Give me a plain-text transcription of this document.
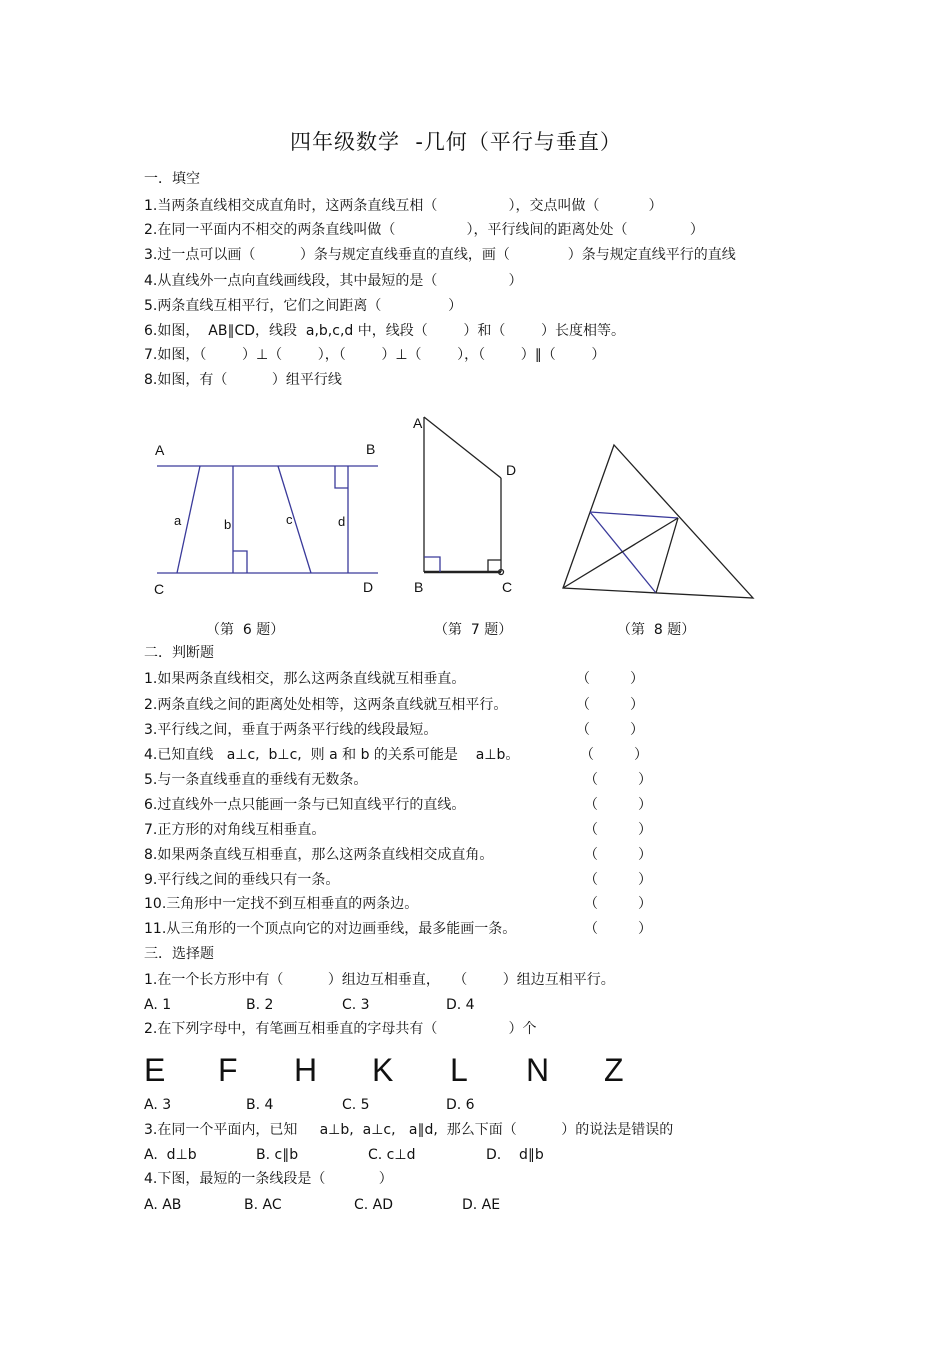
四年级数学  -几何（平行与垂直）
一．填空
1.当两条直线相交成直角时，这两条直线互相（                ），交点叫做（           ）
2.在同一平面内不相交的两条直线叫做（                ），平行线间的距离处处（              ）
3.过一点可以画（          ）条与规定直线垂直的直线，画（             ）条与规定直线平行的直线
4.从直线外一点向直线画线段，其中最短的是（                ）
5.两条直线互相平行，它们之间距离（               ）
6.如图，  AB∥CD，线段  a,b,c,d 中，线段（        ）和（        ）长度相等。
7.如图，（        ）⊥（        ），（        ）⊥（        ），（        ）∥（        ）
8.如图，有（          ）组平行线
A	B
C	D
a	b	c	d
A
B	C
D
（第  6 题）	（第  7 题）	（第  8 题）
二．判断题
1.如果两条直线相交，那么这两条直线就互相垂直。	（         ）
2.两条直线之间的距离处处相等，这两条直线就互相平行。	（         ）
3.平行线之间，垂直于两条平行线的线段最短。	（         ）
4.已知直线   a⊥c,  b⊥c,  则 a 和 b 的关系可能是    a⊥b。	（         ）
5.与一条直线垂直的垂线有无数条。	（         ）
6.过直线外一点只能画一条与已知直线平行的直线。	（         ）
7.正方形的对角线互相垂直。	（         ）
8.如果两条直线互相垂直，那么这两条直线相交成直角。	（         ）
9.平行线之间的垂线只有一条。	（         ）
10.三角形中一定找不到互相垂直的两条边。	（         ）
11.从三角形的一个顶点向它的对边画垂线，最多能画一条。	（         ）
三．选择题
1.在一个长方形中有（          ）组边互相垂直，   （        ）组边互相平行。
A. 1	B. 2	C. 3	D. 4
2.在下列字母中，有笔画互相垂直的字母共有（                ）个
E F H K L N Z
A. 3	B. 4	C. 5	D. 6
3.在同一个平面内，已知     a⊥b,  a⊥c,   a∥d,  那么下面（          ）的说法是错误的
A.  d⊥b	B. c∥b	C. c⊥d	D.    d∥b
4.下图，最短的一条线段是（            ）
A. AB	B. AC	C. AD	D. AE
